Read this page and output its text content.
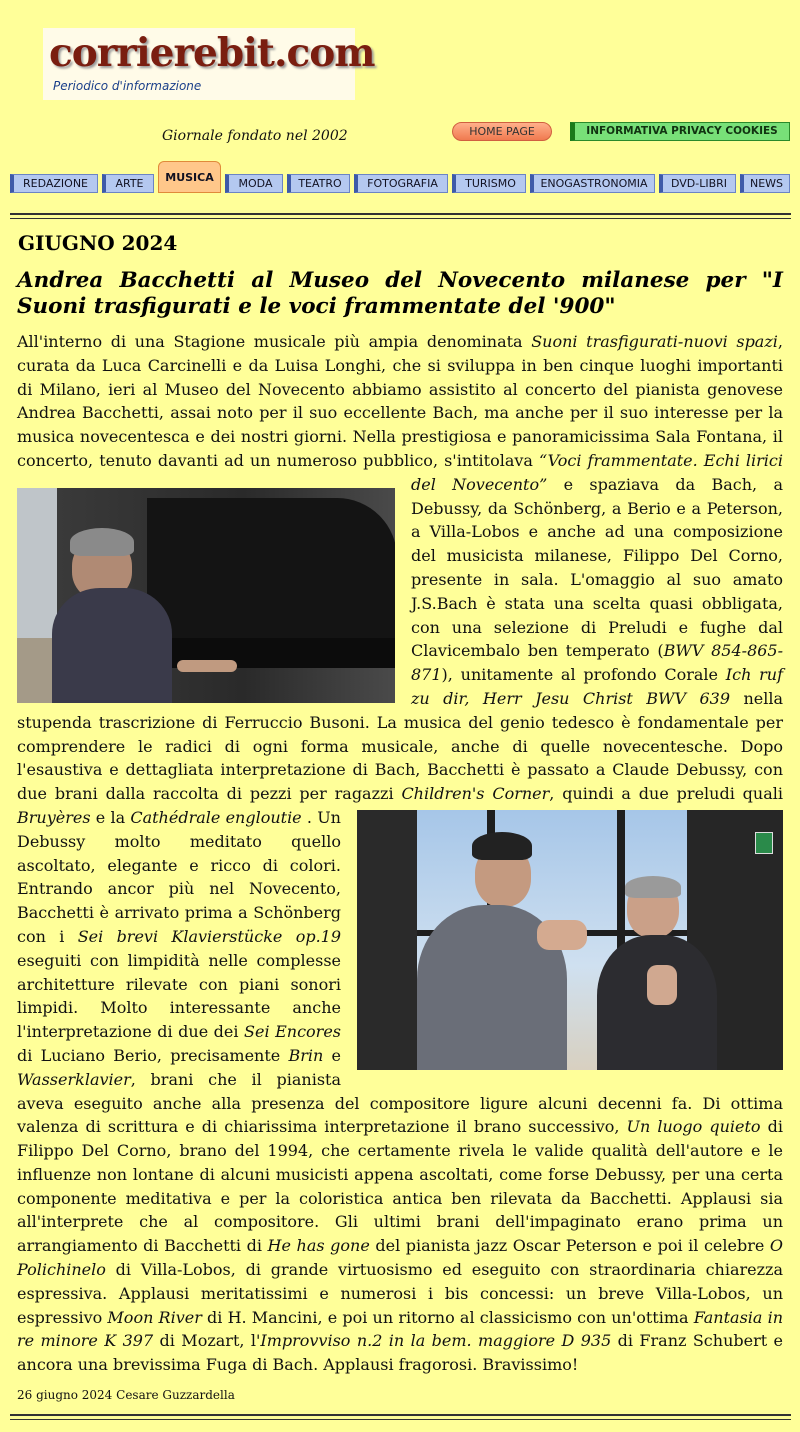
corrierebit.com
Periodico d'informazione
Giornale fondato nel 2002	HOME PAGE	INFORMATIVA PRIVACY COOKIES
REDAZIONE	ARTE	MUSICA	MODA	TEATRO	FOTOGRAFIA	TURISMO	ENOGASTRONOMIA	DVD-LIBRI	NEWS
GIUGNO 2024
Andrea Bacchetti al Museo del Novecento milanese per "I Suoni trasfigurati e le voci frammentate del '900"
All'interno di una Stagione musicale più ampia denominata Suoni trasfigurati-nuovi spazi, curata da Luca Carcinelli e da Luisa Longhi, che si sviluppa in ben cinque luoghi importanti di Milano, ieri al Museo del Novecento abbiamo assistito al concerto del pianista genovese Andrea Bacchetti, assai noto per il suo eccellente Bach, ma anche per il suo interesse per la musica novecentesca e dei nostri giorni. Nella prestigiosa e panoramicissima Sala Fontana, il concerto, tenuto davanti ad un numeroso pubblico, s'intitolava “Voci frammentate. Echi lirici del Novecento”
e spaziava da Bach, a Debussy, da Schönberg, a Berio e a Peterson, a Villa-Lobos e anche ad una composizione del musicista milanese, Filippo Del Corno, presente in sala. L'omaggio al suo amato J.S.Bach è stata una scelta quasi obbligata, con una selezione di Preludi e fughe dal Clavicembalo ben temperato (BWV 854-865-871), unitamente al profondo Corale Ich ruf zu dir, Herr Jesu Christ BWV 639 nella stupenda trascrizione di Ferruccio Busoni. La musica del genio tedesco è fondamentale per comprendere le radici di ogni forma musicale, anche di quelle novecentesche. Dopo l'esaustiva e dettagliata interpretazione di Bach, Bacchetti è passato a Claude Debussy, con due brani dalla raccolta di pezzi per ragazzi Children's Corner, quindi a due preludi quali Bruyères e la Cathédrale engloutie . Un Debussy molto meditato quello ascoltato, elegante e ricco di colori. Entrando ancor più nel Novecento, Bacchetti è arrivato prima a Schönberg con i Sei brevi Klavierstücke op.19 eseguiti con limpidità nelle complesse architetture rilevate con piani sonori limpidi. Molto interessante anche l'interpretazione di due dei Sei Encores di Luciano Berio, precisamente Brin e Wasserklavier, brani che il pianista aveva eseguito anche alla presenza del compositore ligure alcuni decenni fa. Di ottima valenza di scrittura e di chiarissima interpretazione il brano successivo, Un luogo quieto di Filippo Del Corno, brano del 1994, che certamente rivela le valide qualità dell'autore e le influenze non lontane di alcuni musicisti appena ascoltati, come forse Debussy, per una certa componente meditativa e per la coloristica antica ben rilevata da Bacchetti. Applausi sia all'interprete che al compositore. Gli ultimi brani dell'impaginato erano prima un arrangiamento di Bacchetti di He has gone del pianista jazz Oscar Peterson e poi il celebre O Polichinelo di Villa-Lobos, di grande virtuosismo ed eseguito con straordinaria chiarezza espressiva. Applausi meritatissimi e numerosi i bis concessi: un breve Villa-Lobos, un espressivo Moon River di H. Mancini, e poi un ritorno al classicismo con un'ottima Fantasia in re minore K 397 di Mozart, l'Improvviso n.2 in la bem. maggiore D 935 di Franz Schubert e ancora una brevissima Fuga di Bach. Applausi fragorosi. Bravissimo!
26 giugno 2024 Cesare Guzzardella
